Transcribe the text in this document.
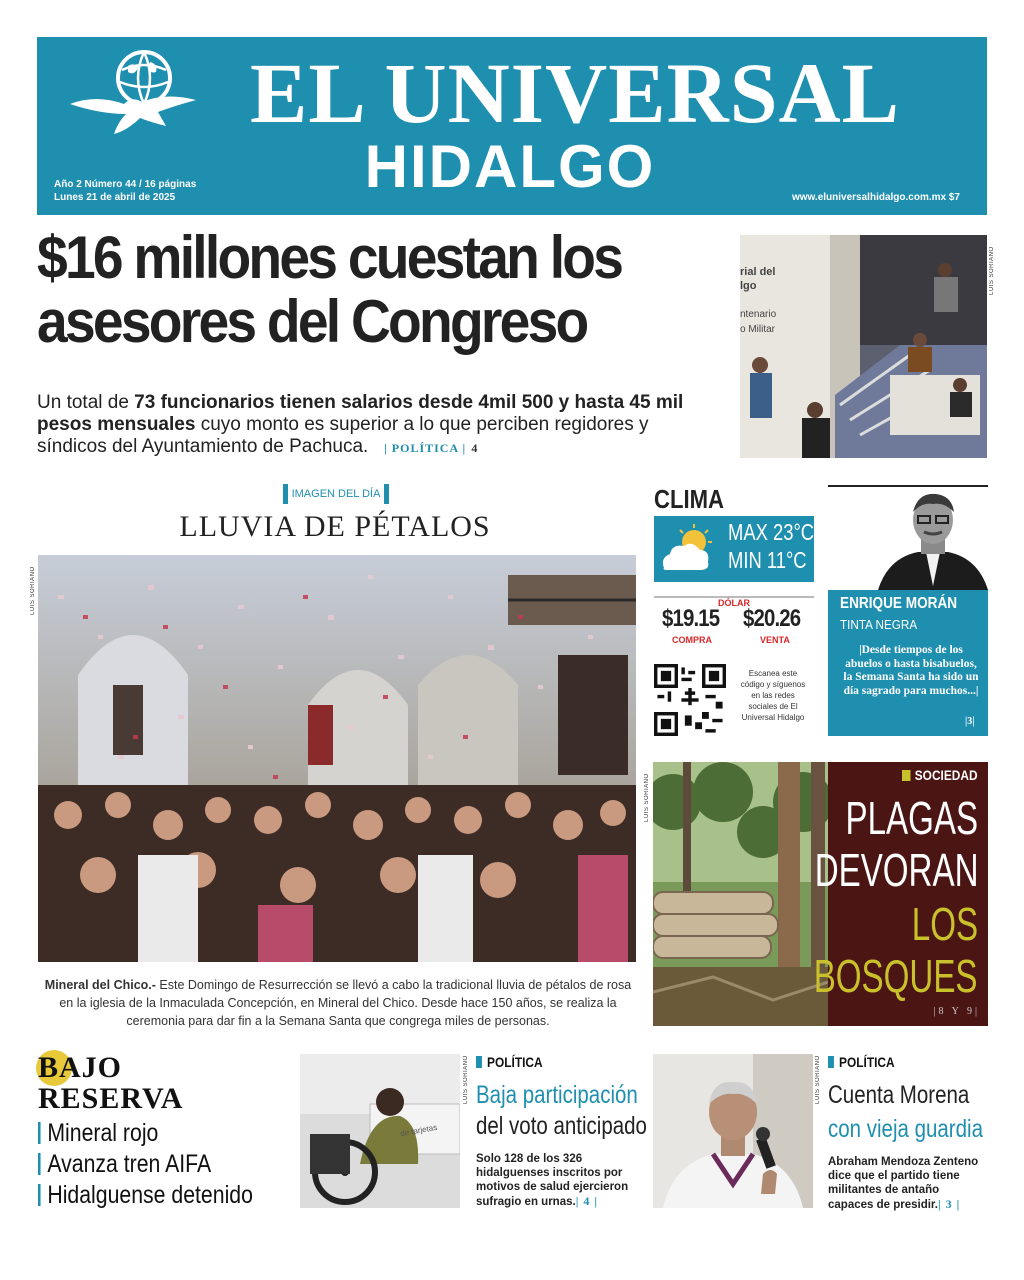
EL UNIVERSAL
HIDALGO
Año 2 Número 44 / 16 páginas
Lunes 21 de abril de 2025	www.eluniversalhidalgo.com.mx $7
$16 millones cuestan los asesores del Congreso
Un total de 73 funcionarios tienen salarios desde 4mil 500 y hasta 45 mil pesos mensuales cuyo monto es superior a lo que perciben regidores y síndicos del Ayuntamiento de Pachuca. | POLÍTICA | 4
rial del
lgo
ntenario
o Militar
LUIS SORIANO
IMAGEN DEL DÍA
LLUVIA DE PÉTALOS
LUIS SORIANO
Mineral del Chico.- Este Domingo de Resurrección se llevó a cabo la tradicional lluvia de pétalos de rosa en la iglesia de la Inmaculada Concepción, en Mineral del Chico. Desde hace 150 años, se realiza la ceremonia para dar fin a la Semana Santa que congrega miles de personas.
CLIMA
MAX 23°C
MIN 11°C
DÓLAR
$19.15 $20.26
COMPRA	VENTA
Escanea este código y síguenos en las redes sociales de El Universal Hidalgo
ENRIQUE MORÁN
TINTA NEGRA
|Desde tiempos de los abuelos o hasta bisabuelos, la Semana Santa ha sido un día sagrado para muchos...|
|3|
LUIS SORIANO	SOCIEDAD
PLAGAS
DEVORAN
LOS
BOSQUES
|8 Y 9|
BAJO
RESERVA
Mineral rojo
Avanza tren AIFA
Hidalguense detenido
de tarjetas
LUIS SORIANO	POLÍTICA
Baja participación
del voto anticipado
Solo 128 de los 326 hidalguenses inscritos por motivos de salud ejercieron sufragio en urnas.| 4 |
LUIS SORIANO	POLÍTICA
Cuenta Morena
con vieja guardia
Abraham Mendoza Zenteno dice que el partido tiene militantes de antaño capaces de presidir.| 3 |
